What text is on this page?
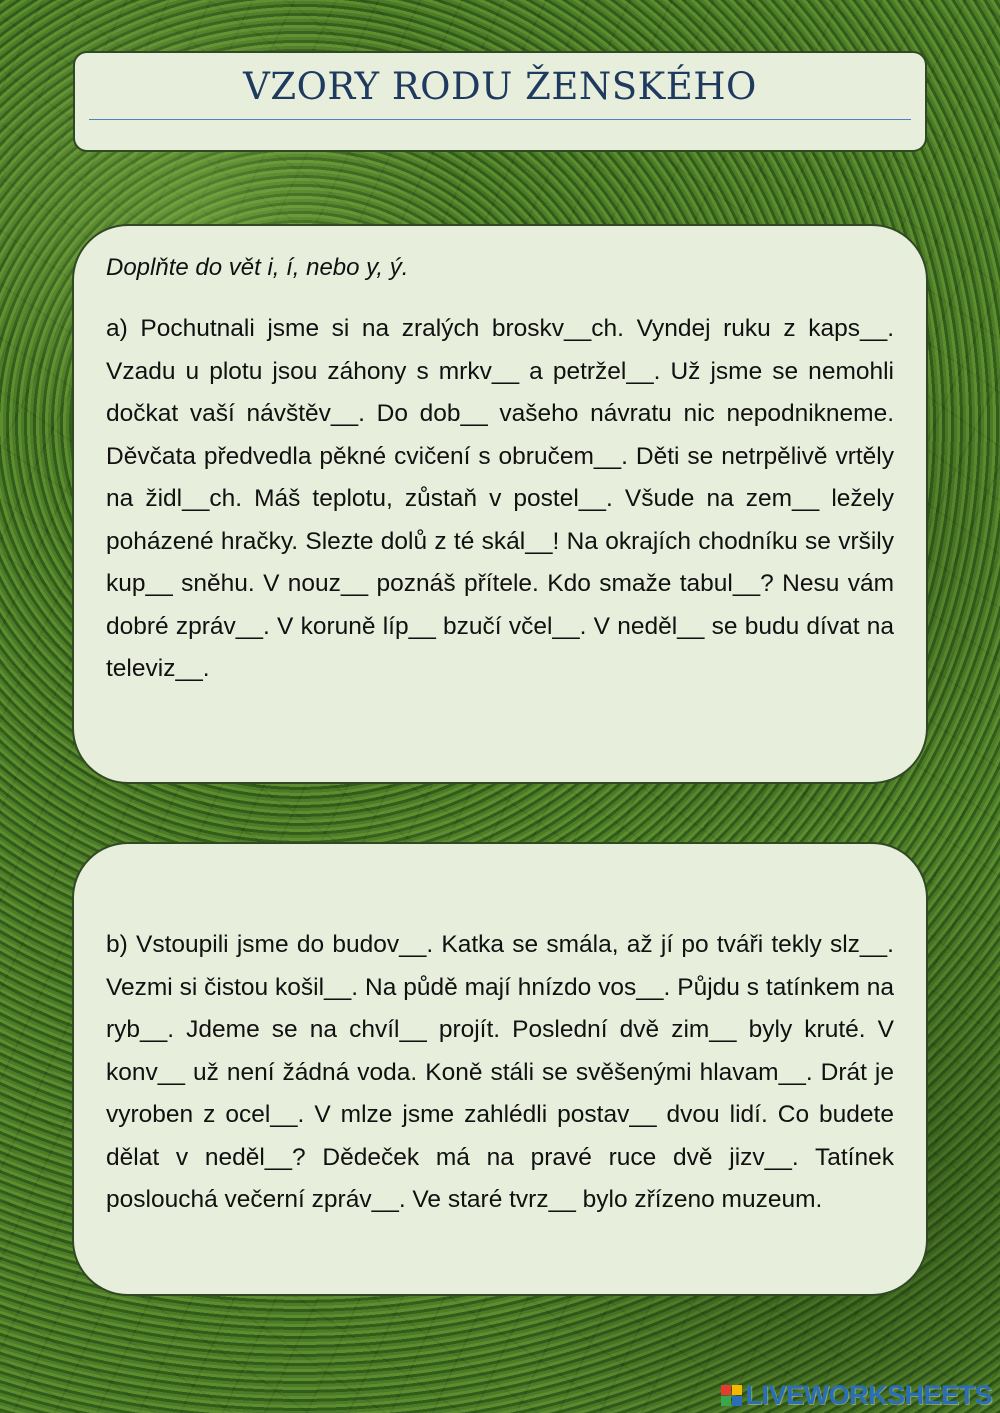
VZORY RODU ŽENSKÉHO

Doplňte do vět i, í, nebo y, ý.

a) Pochutnali jsme si na zralých broskv__ch. Vyndej ruku z kaps__. Vzadu u plotu jsou záhony s mrkv__ a petržel__. Už jsme se nemohli dočkat vaší návštěv__. Do dob__ vašeho návratu nic nepodnikneme. Děvčata předvedla pěkné cvičení s obručem__. Děti se netrpělivě vrtěly na židl__ch. Máš teplotu, zůstaň v postel__. Všude na zem__ ležely poházené hračky. Slezte dolů z té skál__! Na okrajích chodníku se vršily kup__ sněhu. V nouz__ poznáš přítele. Kdo smaže tabul__? Nesu vám dobré zpráv__. V koruně líp__ bzučí včel__. V neděl__ se budu dívat na televiz__.

b) Vstoupili jsme do budov__. Katka se smála, až jí po tváři tekly slz__. Vezmi si čistou košil__. Na půdě mají hnízdo vos__. Půjdu s tatínkem na ryb__. Jdeme se na chvíl__ projít. Poslední dvě zim__ byly kruté. V konv__ už není žádná voda. Koně stáli se svěšenými hlavam__. Drát je vyroben z ocel__. V mlze jsme zahlédli postav__ dvou lidí. Co budete dělat v neděl__? Dědeček má na pravé ruce dvě jizv__. Tatínek poslouchá večerní zpráv__. Ve staré tvrz__ bylo zřízeno muzeum.

LIVEWORKSHEETS
